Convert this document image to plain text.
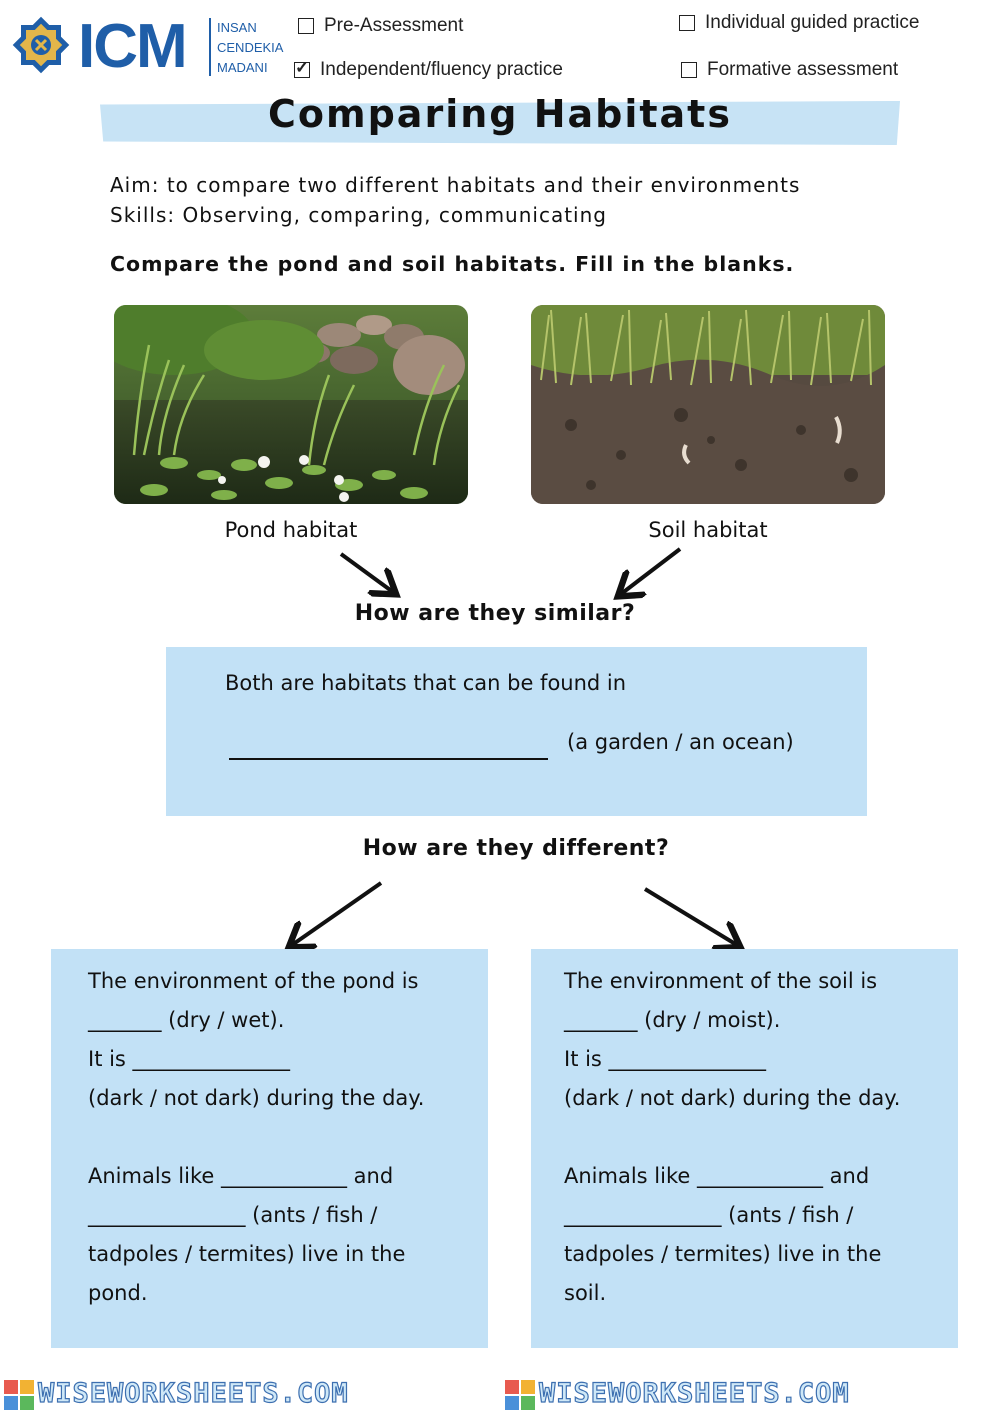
ICM INSAN
CENDEKIA
MADANI
Pre-Assessment
✓
Independent/fluency practice
Individual guided practice
Formative assessment
Comparing Habitats
Aim: to compare two different habitats and their environments
Skills: Observing, comparing, communicating
Compare the pond and soil habitats. Fill in the blanks.
Pond habitat	Soil habitat
How are they similar?
Both are habitats that can be found in
(a garden / an ocean)
How are they different?
The environment of the pond is
_______ (dry / wet).
It is _______________
(dark / not dark) during the day.
Animals like ____________ and
_______________ (ants / fish /
tadpoles / termites) live in the
pond.
The environment of the soil is
_______ (dry / moist).
It is _______________
(dark / not dark) during the day.
Animals like ____________ and
_______________ (ants / fish /
tadpoles / termites) live in the
soil.
WISEWORKSHEETS.COM	WISEWORKSHEETS.COM
